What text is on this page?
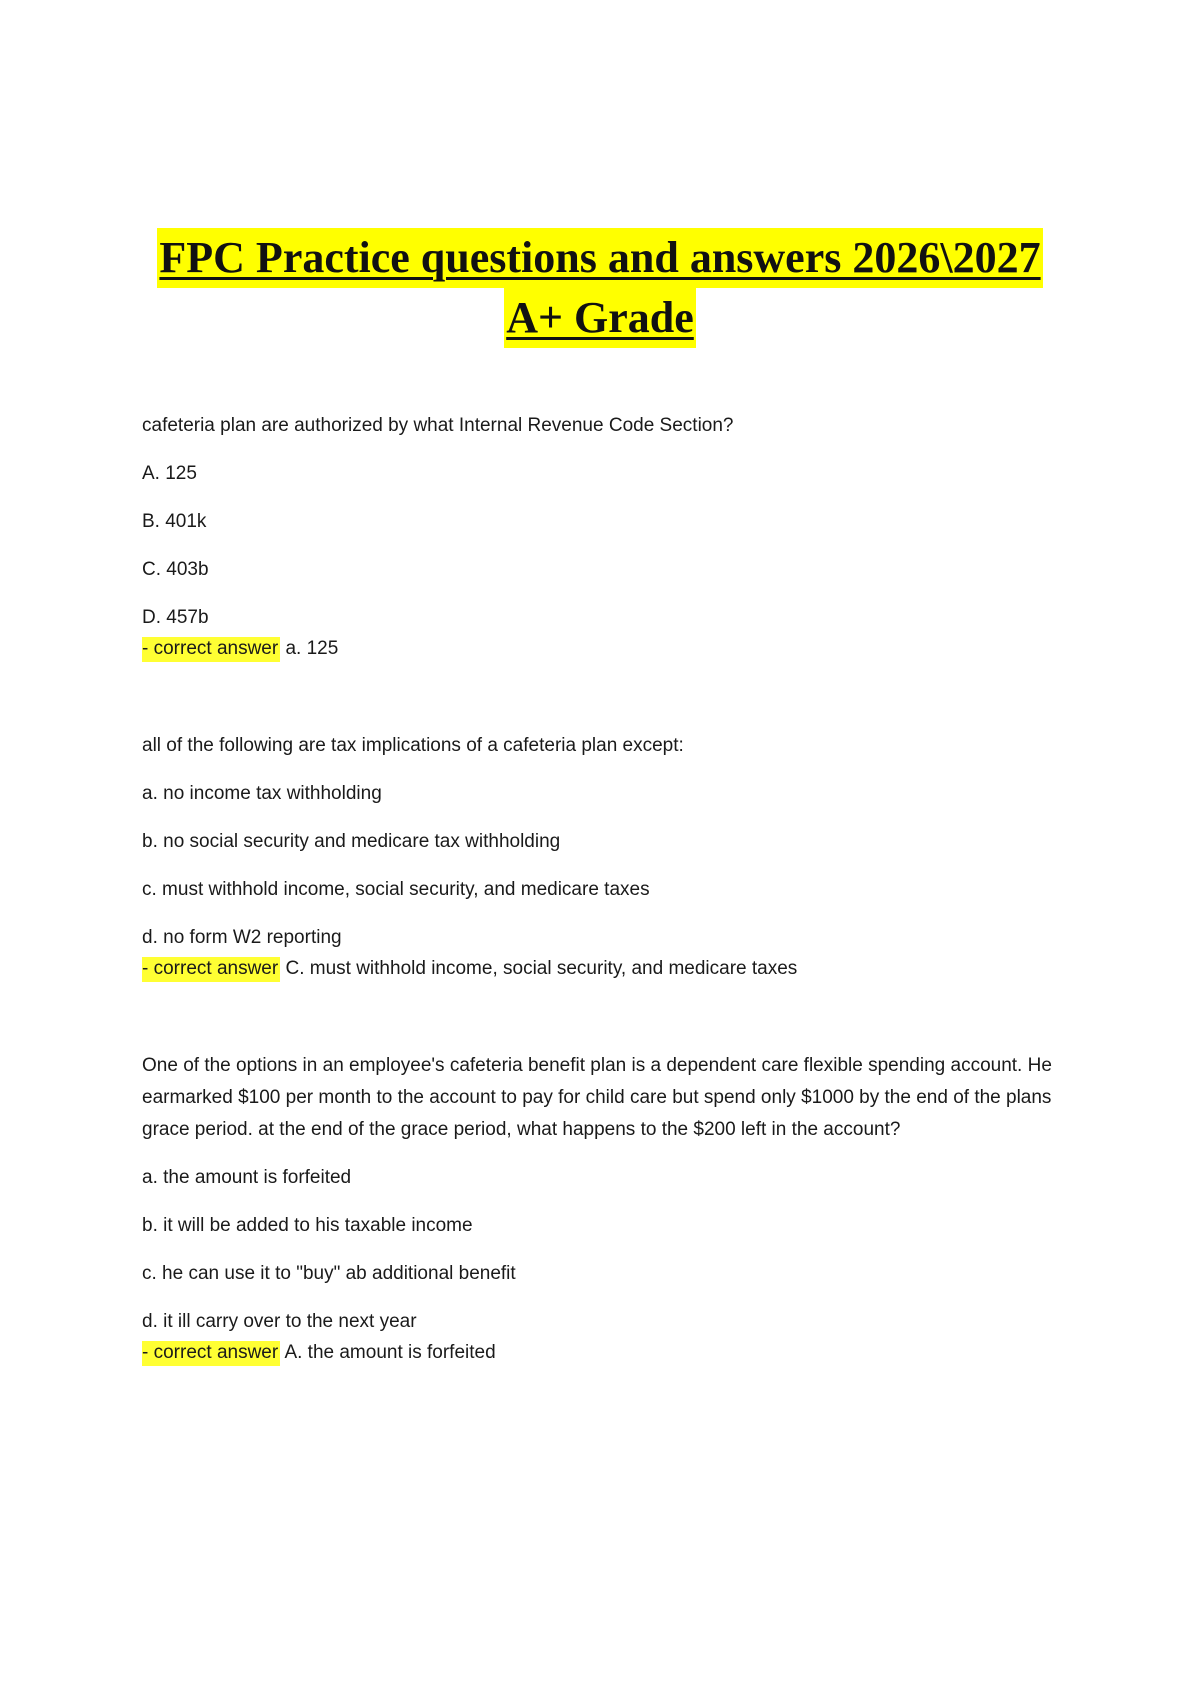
FPC Practice questions and answers 2026\2027
A+ Grade
cafeteria plan are authorized by what Internal Revenue Code Section?
A. 125
B. 401k
C. 403b
D. 457b
- correct answer a. 125
all of the following are tax implications of a cafeteria plan except:
a. no income tax withholding
b. no social security and medicare tax withholding
c. must withhold income, social security, and medicare taxes
d. no form W2 reporting
- correct answer C. must withhold income, social security, and medicare taxes
One of the options in an employee's cafeteria benefit plan is a dependent care flexible spending account. He earmarked $100 per month to the account to pay for child care but spend only $1000 by the end of the plans grace period. at the end of the grace period, what happens to the $200 left in the account?
a. the amount is forfeited
b. it will be added to his taxable income
c. he can use it to "buy" ab additional benefit
d. it ill carry over to the next year
- correct answer A. the amount is forfeited
